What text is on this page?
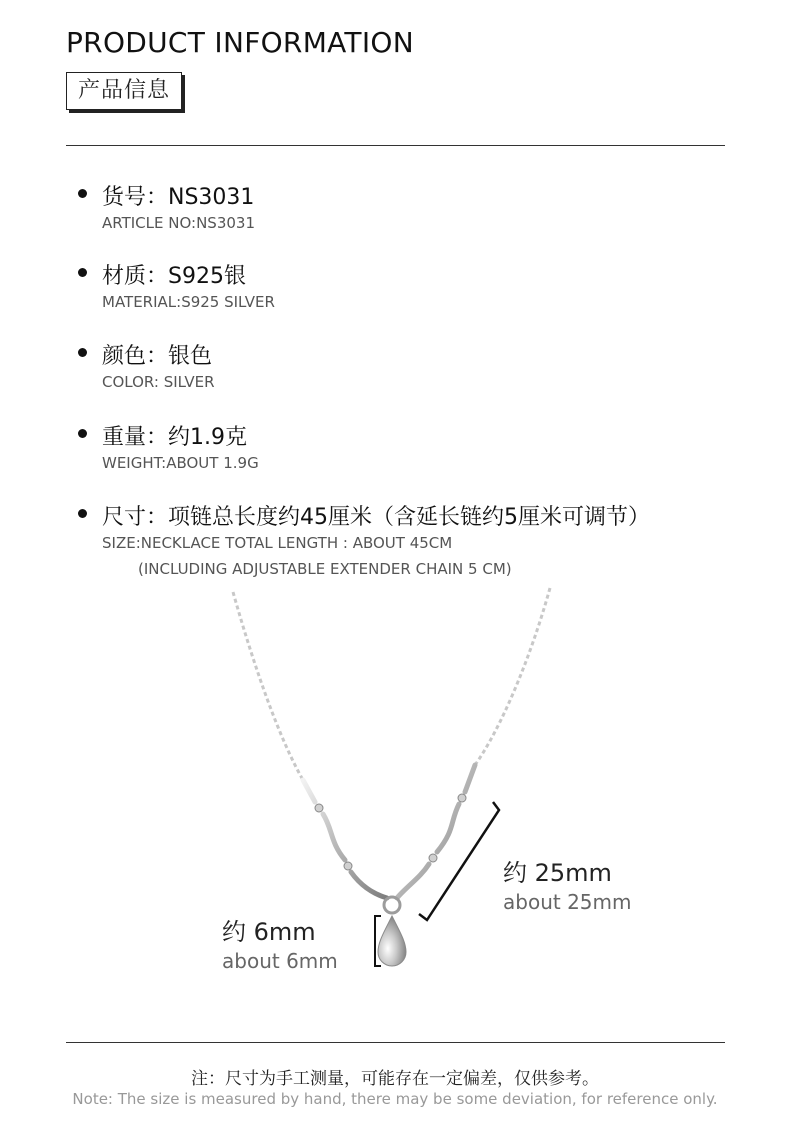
PRODUCT INFORMATION
产品信息
货号：NS3031
ARTICLE NO:NS3031
材质：S925银
MATERIAL:S925 SILVER
颜色：银色
COLOR: SILVER
重量：约1.9克
WEIGHT:ABOUT 1.9G
尺寸：项链总长度约45厘米（含延长链约5厘米可调节）
SIZE:NECKLACE TOTAL LENGTH : ABOUT 45CM
(INCLUDING ADJUSTABLE EXTENDER CHAIN 5 CM)
约 25mm
about 25mm
约 6mm
about 6mm
注：尺寸为手工测量，可能存在一定偏差，仅供参考。
Note: The size is measured by hand, there may be some deviation, for reference only.
